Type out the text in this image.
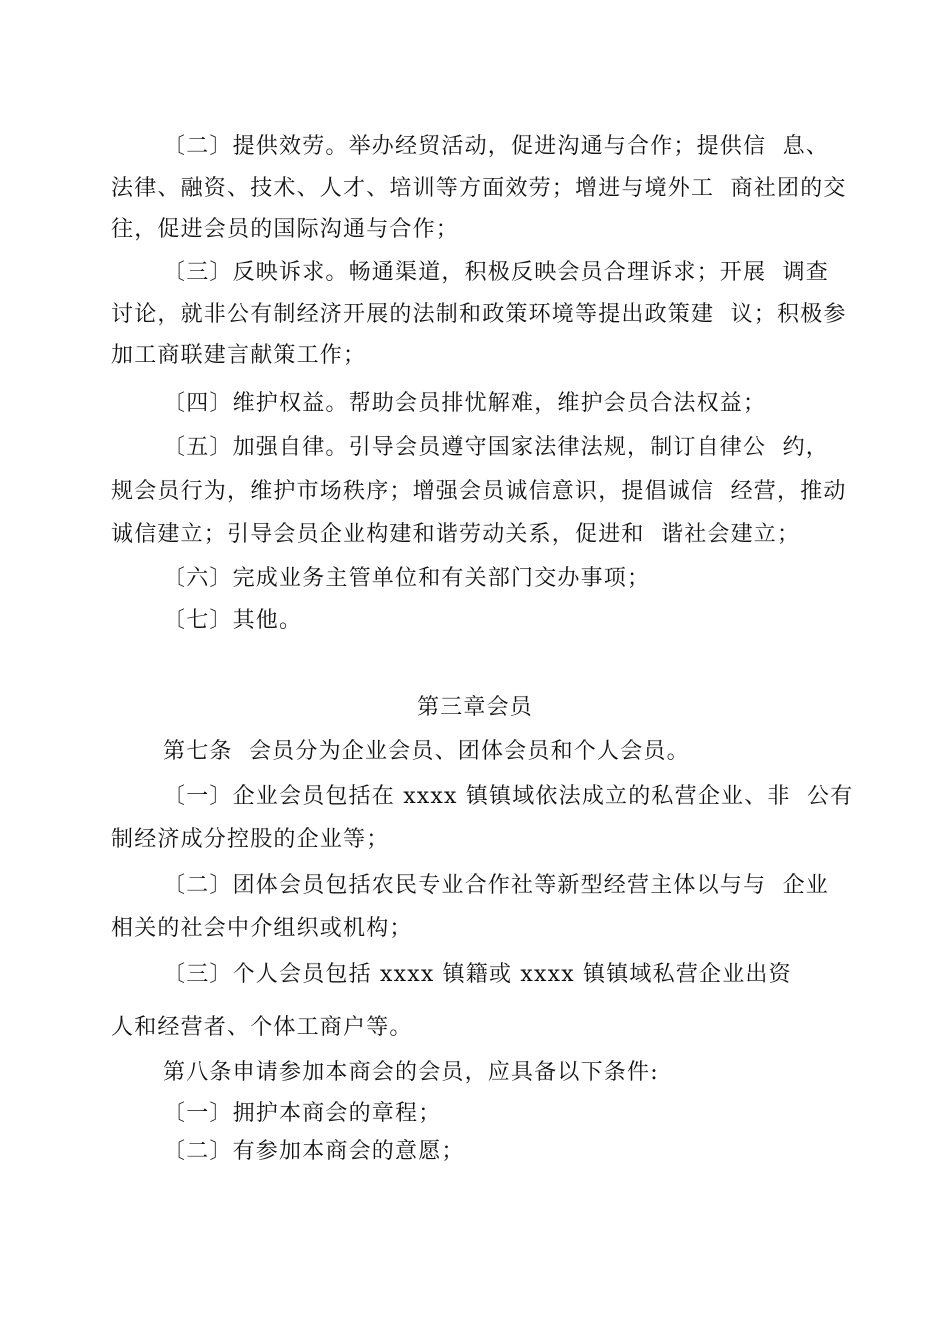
〔二〕提供效劳。举办经贸活动，促进沟通与合作；提供信  息、
法律、融资、技术、人才、培训等方面效劳；增进与境外工  商社团的交
往，促进会员的国际沟通与合作；
〔三〕反映诉求。畅通渠道，积极反映会员合理诉求；开展  调查
讨论，就非公有制经济开展的法制和政策环境等提出政策建  议；积极参
加工商联建言献策工作；
〔四〕维护权益。帮助会员排忧解难，维护会员合法权益；
〔五〕加强自律。引导会员遵守国家法律法规，制订自律公  约，
规会员行为，维护市场秩序；增强会员诚信意识，提倡诚信  经营，推动
诚信建立；引导会员企业构建和谐劳动关系，促进和  谐社会建立；
〔六〕完成业务主管单位和有关部门交办事项；
〔七〕其他。
第三章会员
第七条  会员分为企业会员、团体会员和个人会员。
〔一〕企业会员包括在 xxxx 镇镇域依法成立的私营企业、非  公有
制经济成分控股的企业等；
〔二〕团体会员包括农民专业合作社等新型经营主体以与与  企业
相关的社会中介组织或机构；
〔三〕个人会员包括 xxxx 镇籍或 xxxx 镇镇域私营企业出资
人和经营者、个体工商户等。
第八条申请参加本商会的会员，应具备以下条件:
〔一〕拥护本商会的章程；
〔二〕有参加本商会的意愿；
